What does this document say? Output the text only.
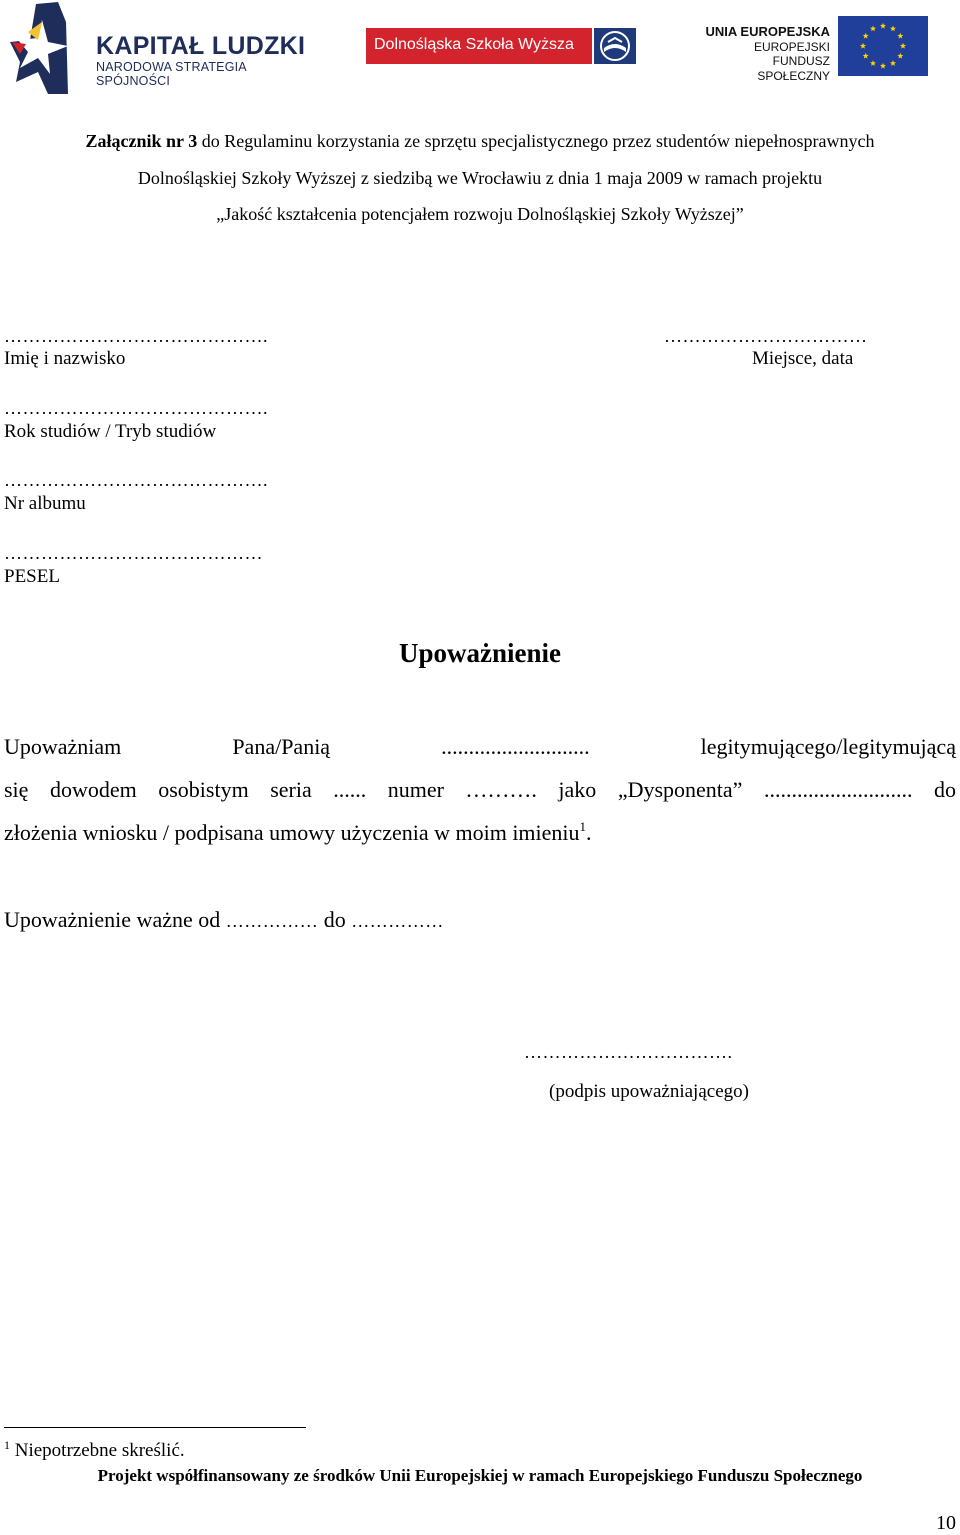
KAPITAŁ LUDZKI
NARODOWA STRATEGIA SPÓJNOŚCI
Dolnośląska Szkoła Wyższa
UNIA EUROPEJSKA
EUROPEJSKI
FUNDUSZ SPOŁECZNY
Załącznik nr 3 do Regulaminu korzystania ze sprzętu specjalistycznego przez studentów niepełnosprawnych
Dolnośląskiej Szkoły Wyższej z siedzibą we Wrocławiu z dnia 1 maja 2009 w ramach projektu
„Jakość kształcenia potencjałem rozwoju Dolnośląskiej Szkoły Wyższej”
…………………………………….
Imię i nazwisko
……………………………
Miejsce, data
…………………………………….
Rok studiów / Tryb studiów
…………………………………….
Nr albumu
……………………………………
PESEL
Upoważnienie
Upoważniam	Pana/Panią	...........................	legitymującego/legitymującą
się dowodem osobistym seria ...... numer ………. jako „Dysponenta” ........................... do
złożenia wniosku / podpisana umowy użyczenia w moim imieniu$^1$.
Upoważnienie ważne od …………… do ……………
…………………………….
(podpis upoważniającego)
$^1$ Niepotrzebne skreślić.
Projekt współfinansowany ze środków Unii Europejskiej w ramach Europejskiego Funduszu Społecznego
10
